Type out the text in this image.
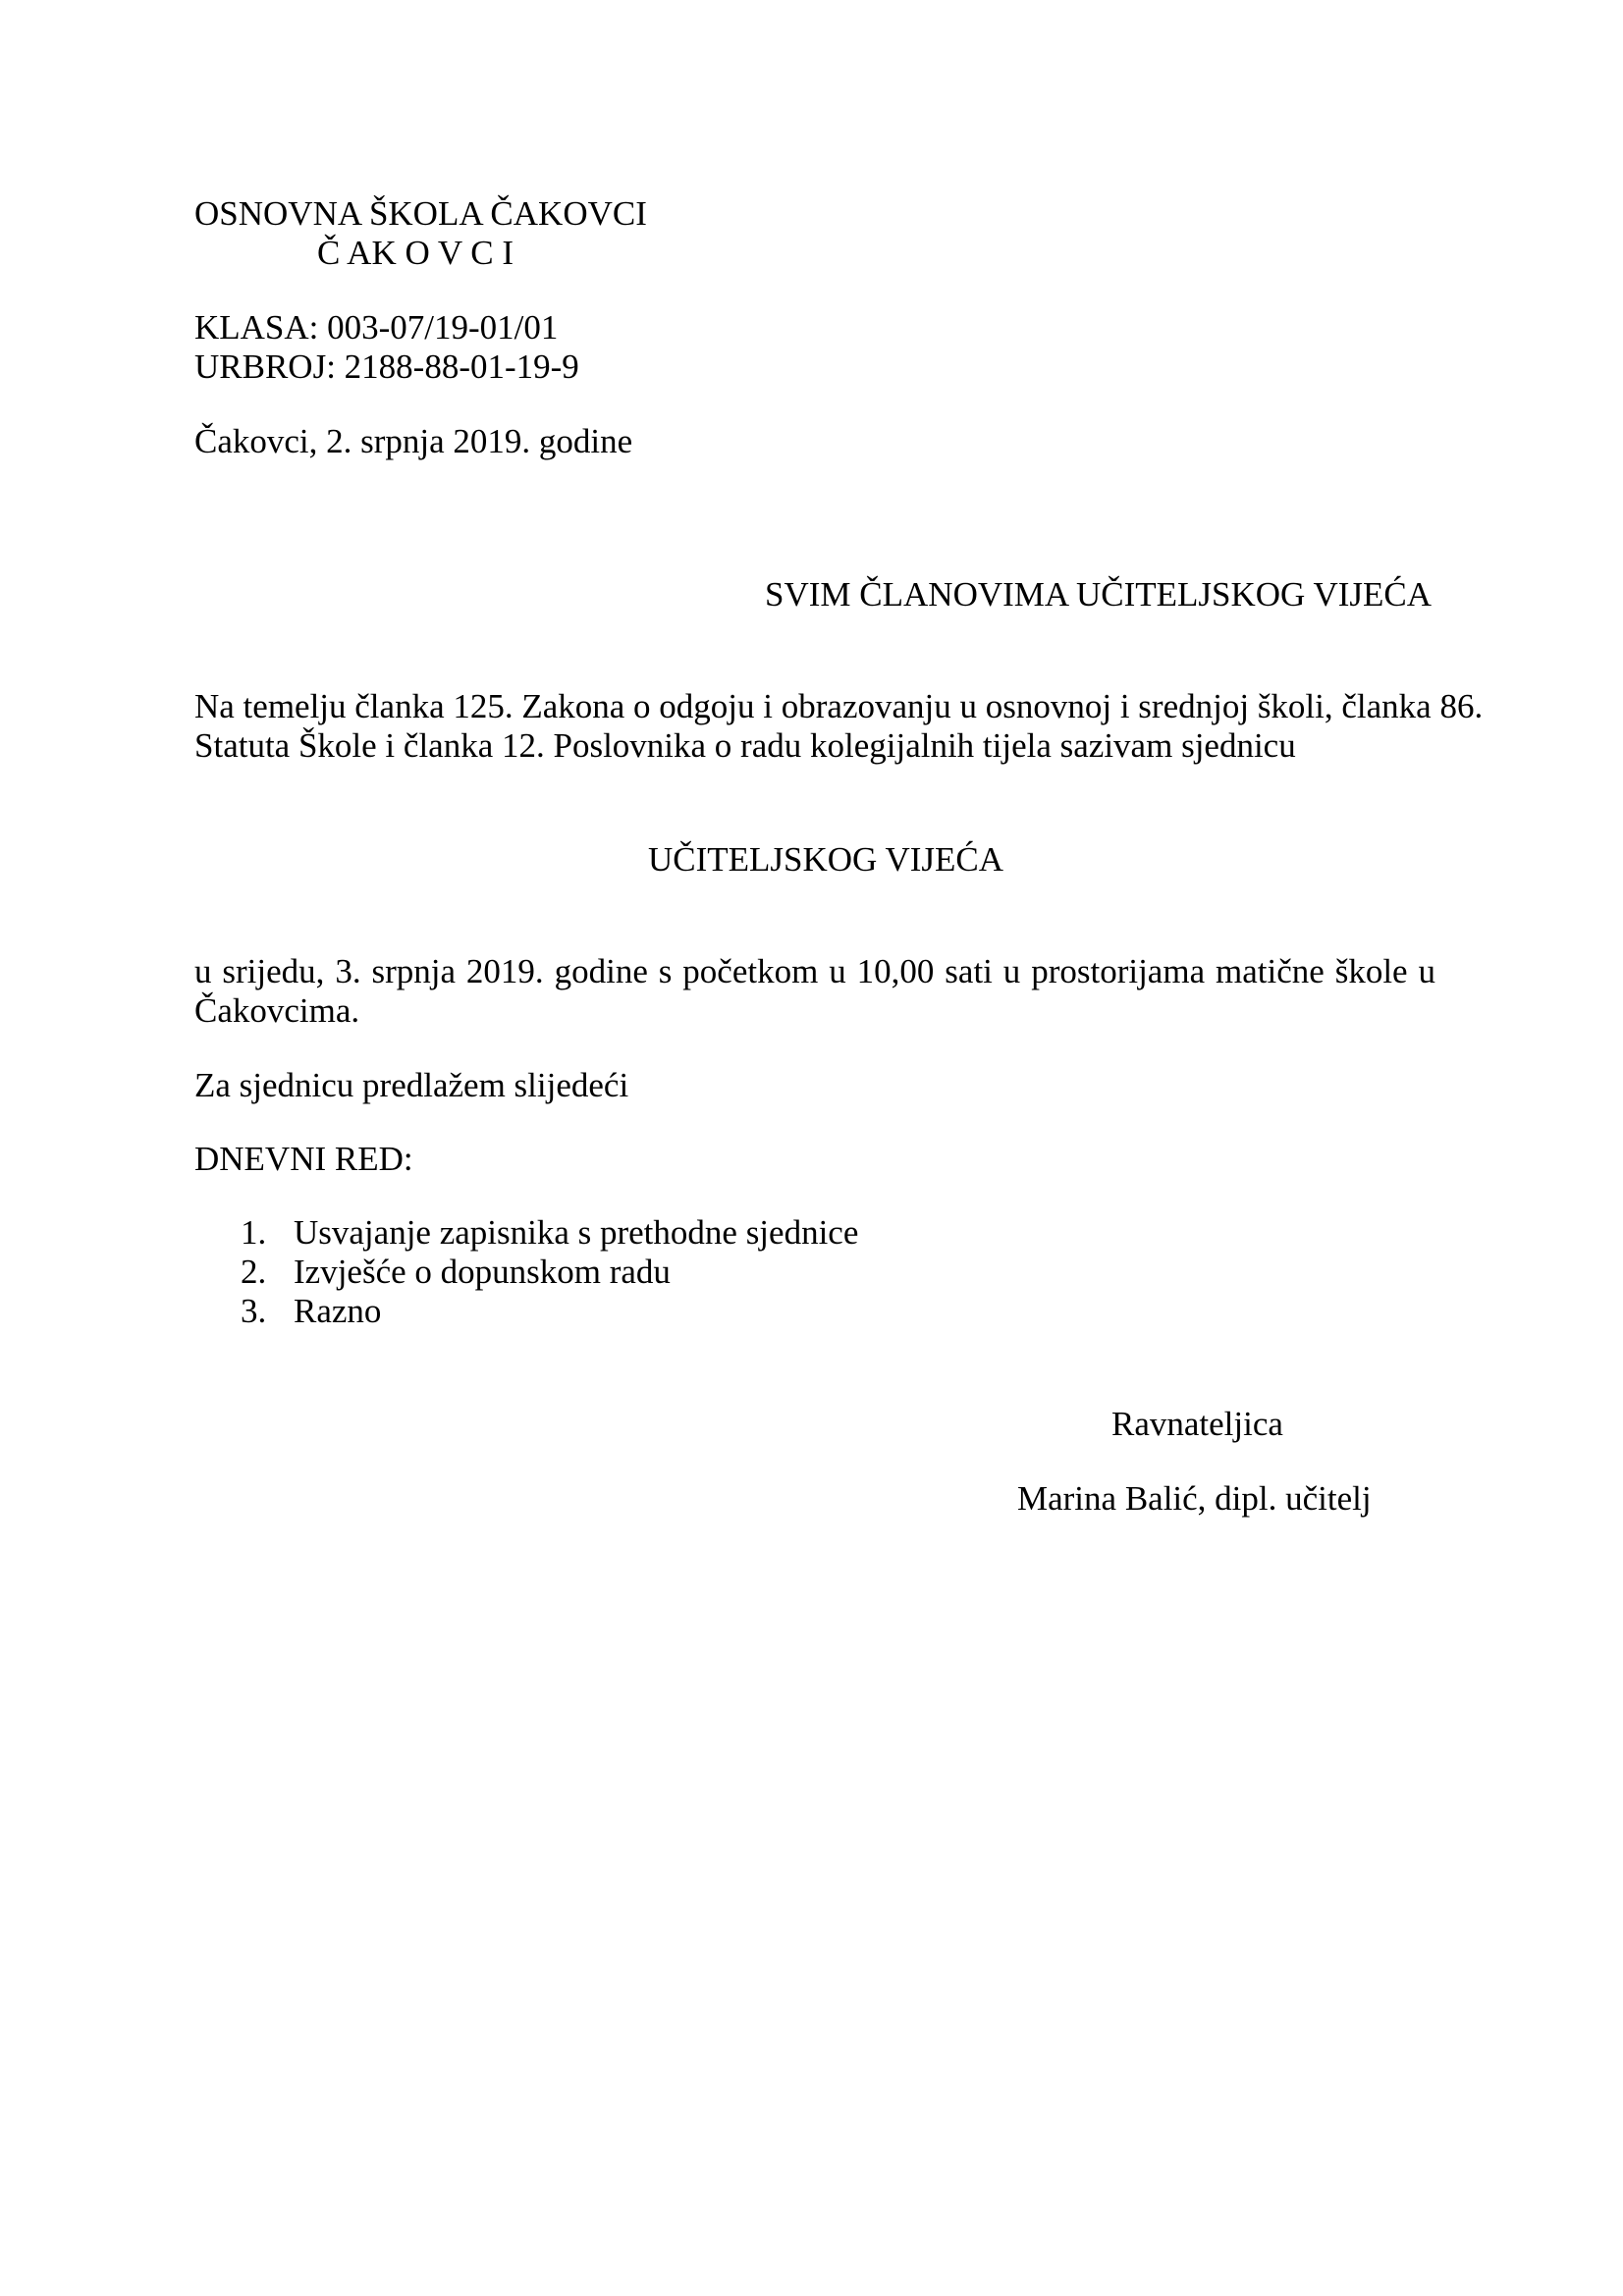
OSNOVNA ŠKOLA ČAKOVCI
Č AK O V C I
KLASA: 003-07/19-01/01
URBROJ: 2188-88-01-19-9
Čakovci, 2. srpnja 2019. godine
SVIM ČLANOVIMA UČITELJSKOG VIJEĆA
Na temelju članka 125. Zakona o odgoju i obrazovanju u osnovnoj i srednjoj školi, članka 86.
Statuta Škole i članka 12. Poslovnika o radu kolegijalnih tijela sazivam sjednicu
UČITELJSKOG VIJEĆA
u srijedu, 3. srpnja 2019. godine s početkom u 10,00 sati u prostorijama matične škole u
Čakovcima.
Za sjednicu predlažem slijedeći
DNEVNI RED:
1. Usvajanje zapisnika s prethodne sjednice
2. Izvješće o dopunskom radu
3. Razno
Ravnateljica
Marina Balić, dipl. učitelj
